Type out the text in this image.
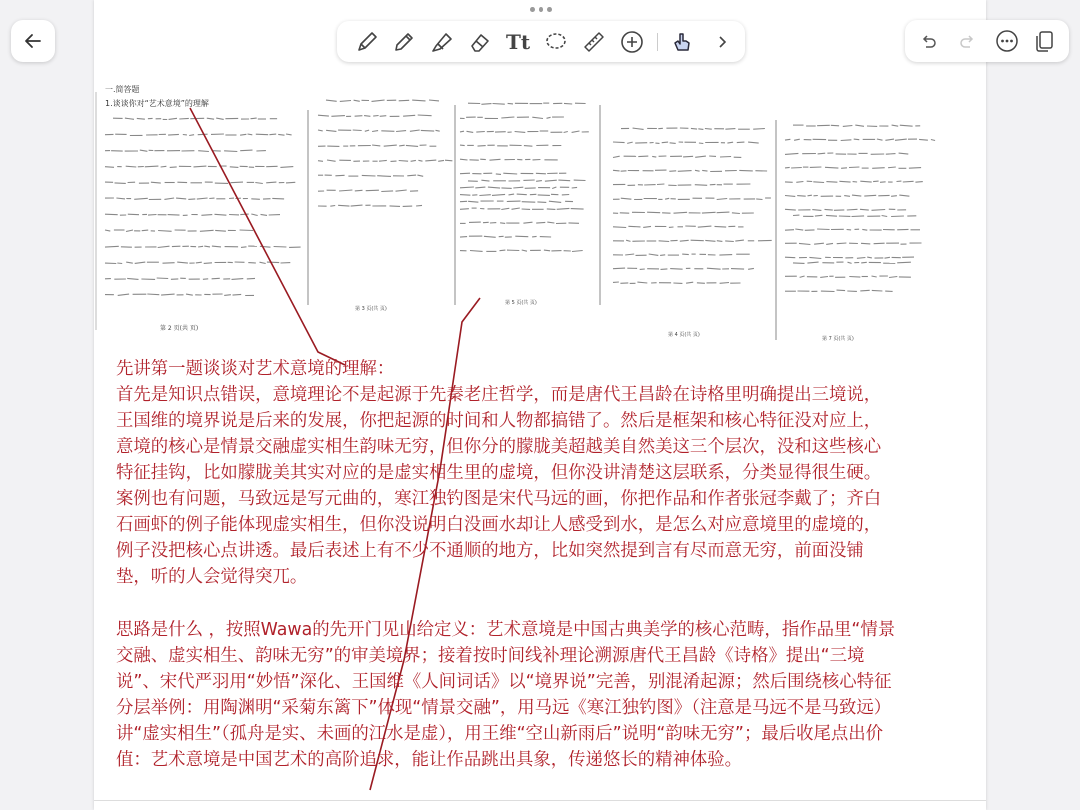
一.简答题
1.谈谈你对“艺术意境”的理解
第 2 页(共 页)
第 3 页(共 页)
第 5 页(共 页)
第 4 页(共 页)
第 7 页(共 页)
Tt

先讲第一题谈谈对艺术意境的理解：

首先是知识点错误，意境理论不是起源于先秦老庄哲学，而是唐代王昌龄在诗格里明确提出三境说，

王国维的境界说是后来的发展，你把起源的时间和人物都搞错了。然后是框架和核心特征没对应上，

意境的核心是情景交融虚实相生韵味无穷，但你分的朦胧美超越美自然美这三个层次，没和这些核心

特征挂钩，比如朦胧美其实对应的是虚实相生里的虚境，但你没讲清楚这层联系，分类显得很生硬。

案例也有问题，马致远是写元曲的，寒江独钓图是宋代马远的画，你把作品和作者张冠李戴了；齐白

石画虾的例子能体现虚实相生，但你没说明白没画水却让人感受到水，是怎么对应意境里的虚境的，

例子没把核心点讲透。最后表述上有不少不通顺的地方，比如突然提到言有尽而意无穷，前面没铺

垫，听的人会觉得突兀。

思路是什么 ，按照Wawa的先开门见山给定义：艺术意境是中国古典美学的核心范畴，指作品里“情景

交融、虚实相生、韵味无穷”的审美境界；接着按时间线补理论溯源唐代王昌龄《诗格》提出“三境

说”、宋代严羽用“妙悟”深化、王国维《人间词话》以“境界说”完善，别混淆起源；然后围绕核心特征

分层举例：用陶渊明“采菊东篱下”体现“情景交融”，用马远《寒江独钓图》（注意是马远不是马致远）

讲“虚实相生”（孤舟是实、未画的江水是虚），用王维“空山新雨后”说明“韵味无穷”；最后收尾点出价

值：艺术意境是中国艺术的高阶追求，能让作品跳出具象，传递悠长的精神体验。
